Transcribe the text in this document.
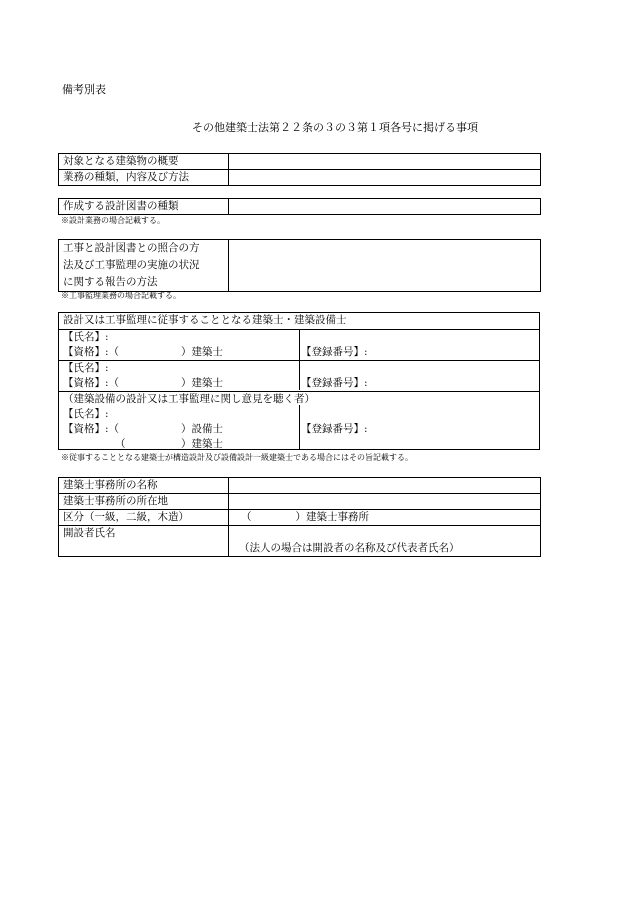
備考別表
その他建築士法第２２条の３の３第１項各号に掲げる事項
対象となる建築物の概要	
業務の種類，内容及び方法	
作成する設計図書の種類	
※設計業務の場合記載する。
工事と設計図書との照合の方
法及び工事監理の実施の状況
に関する報告の方法

※工事監理業務の場合記載する。
設計又は工事監理に従事することとなる建築士・建築設備士
【氏名】:
【資格】:（	）建築士	【登録番号】:
【氏名】:
【資格】:（	）建築士	【登録番号】:
（建築設備の設計又は工事監理に関し意見を聴く者）
【氏名】:
【資格】:（	）設備士	【登録番号】:
（	）建築士
※従事することとなる建築士が構造設計及び設備設計一級建築士である場合にはその旨記載する。
建築士事務所の名称	
建築士事務所の所在地	
区分（一級，二級，木造）	（ ）建築士事務所
開設者氏名	（法人の場合は開設者の名称及び代表者氏名）
